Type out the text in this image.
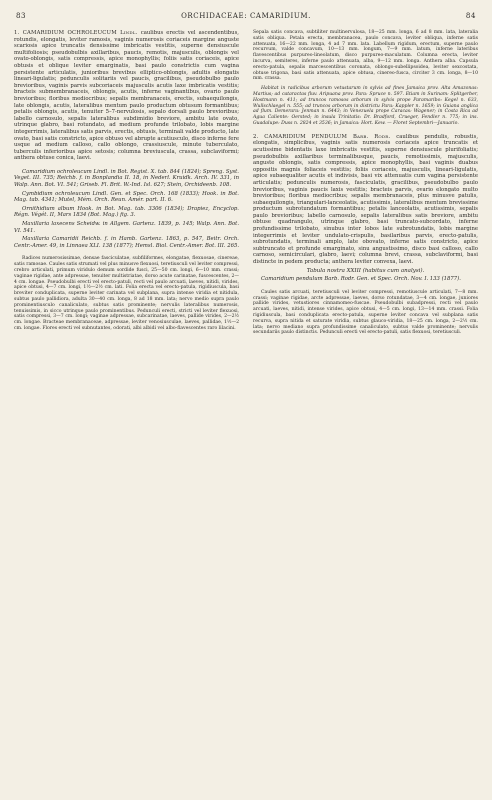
83	ORCHIDACEAE: CAMARIDIUM.	84

1. CAMARIDIUM OCHROLEUCUM Lindl. caulibus erectis vel ascendentibus, rotundis, elongatis, leviter ramosis, vaginis numerosis coriaceis margine anguste scariosis apice truncatis densissime imbricatis vestitis, superne densiuscule multifoliosis; pseudobulbis axillaribus, paucis, remotis, majusculis, oblongis vel ovato-oblongis, satis compressis, apice monophyllis; foliis satis coriaceis, apice obtusis et oblique leviter emarginatis, basi paulo constrictis cum vagina persistente articulatis, junioribus brevibus elliptico-oblongis, adultis elongatis lineari-ligulatis; pedunculis solitariis vel paucis, gracilibus, pseudobulbo paulo brevioribus, vaginis parvis subcoriaceis majusculis acutis laxe imbricatis vestitis; bracteis submembranaceis, oblongis, acutis, inferne vaginantibus, ovario paulo brevioribus; floribus mediocribus; sepalis membranaceis, erectis, subaequilongis, late oblongis, acutis, lateralibus mentum paulo productum obtusum formantibus; petalis oblongis, acutis, tenuiter 5–7-nervulosis, sepalo dorsali paulo brevioribus; labello carnosulo, sepalis lateralibus subdimidio breviore, ambitu late ovato, utrinque glabro, basi rotundato, ad medium profunde trilobato, lobis margine integerrimis, lateralibus satis parvis, erectis, obtusis, terminali valde producto, late ovato, basi satis constricto, apice obtuso vel abrupte acutiusculo, disco inferne fere usque ad medium calloso, callo oblongo, crassiuscule, minute tuberculato, tuberculis inferioribus apice setosis; columna breviuscula, crassa, subclaviformi; anthera obtuse conica, laevi.

Camaridium ochroleucum Lindl. in Bot. Regist. X. tab. 844 (1824); Spreng. Syst. Veget. III. 735; Reichb. f. in Bonplandia II. 18, in Nederl. Kruidk. Arch. IV. 331, in Walp. Ann. Bot. VI. 541; Griseb. Fl. Brit. W.-Ind. Isl. 627; Stein, Orchideenb. 108.

Cymbidium ochroleucum Lindl. Gen. et Spec. Orch. 168 (1833); Hook. in Bot. Mag. tab. 4341; Mutel, Mém. Orch. Reun. Amér. part. II. 6.

Ornithidium album Hook. in Bot. Mag. tab. 3306 (1834); Drapiez, Encyclop. Régn. Végét. II, Mars 1834 (Bot. Mag.) fig. 3.

Maxillaria laxecens Scheidw. in Allgem. Gartenz. 1839, p. 145; Walp. Ann. Bot. VI. 541.

Maxillaria Camaridii Reichb. f. in Hamb. Gartenz. 1863, p. 547, Beitr. Orch. Centr.-Amer. 49, in Linnaea XLI. 138 (1877); Hemsl. Biol. Centr.-Amer. Bot. III. 265.

Radices numerosissimae, densae fasciculatae, subfiliformes, elongatae, flexuosae, cinereae, satis ramosae. Caules satis strumati vel plus minusve flexuosi, teretiusculi vel leviter compressi, crebro articulati, primum viridulo demum sordide fusci, 25—50 cm. longi, 6—10 mm. crassi; vaginae rigidae, ante adpressae, tenuiter multistriatae, dorso acute carinatae, fuscescentes, 2—4 cm. longae. Pseudobulbi erecti vel erecto-patuli, recti vel paulo arcuati, laeves, nitidi, virides, apice obtusi, 4—7 cm. longi, 1½—2½ cm. lati. Folia erecta vel erecto-patula, rigidiuscula, basi breviter conduplicata, superne leviter carinata vel subplana, supra intense viridia et nitidula, subtus paulo pallidiora, adulta 30—40 cm. longa, 8 ad 18 mm. lata; nervo medio supra paulo prominentiusculo canaliculato, subtus satis prominente; nervulis lateralibus numerosis, tenuissimis, in sicco utrinque paulo prominentibus. Pedunculi erecti, stricti vel leviter flexuosi, satis compressi, 3—7 cm. longi; vaginae adpressae, subcarinatae, laeves, pallide virides, 2—2½ cm. longae. Bracteae membranaceae, adpressae, leviter venosiusculae, laeves, pallidae, 1½—2 cm. longae. Flores erecti vel subnutantes, odorati, albi albidi vel albo-flavescentes raro lilacini.

Sepala satis concava, subtiliter multinervulosa, 18—25 mm. longa, 6 ad 8 mm. lata, lateralia satis obliqua. Petala erecta, membranacea, paulo concava, leviter obliqua, inferne satis attenuata, 16—22 mm. longa, 4 ad 7 mm. lata. Labellum rigidum, erectum, superne paulo recurvum, valde concavum, 10—13 mm. longum, 7—9 mm. latum, inferne lateribus flavescentibus purpureo-lineolatum, disco purpureo-maculatum. Columna erecta, leviter incurva, semiteres, inferne paulo attenuata, alba, 9—12 mm. longa. Anthera alba. Capsula erecto-patula, sepalis marcescentibus coronata, oblongo-subellipsoidea, leviter sexcostata, obtuse trigona, basi satis attenuata, apice obtusa, cinereo-fusca, circiter 3 cm. longa, 8—10 mm. crassa.

Habitat in radicibus arborum vetustarum in sylvis ad fines Jamaica prov. Alta Amazonas: Martius; ad cataractas fluv. Aripuana prov. Para: Spruce n. 597. Etiam in Surinam: Splitgerber, Hostmann n. 411; ad truncos ramosos arborum in sylvis prope Paramaribo: Kegel n. 633, Wullschlaegel n. 555; ad truncos arborum in districtu Para: Kappler n. 1659; in Guiana anglica ad flum. Demerara: Jenman n. 6443; in Venezuela prope Caracas: Wagener; in Costa Rica ad Agua Caliente: Oersted; in insula Trinitatis: Dr. Bradford, Crueger, Fendler n. 775; in ins. Guadalupe: Duss n. 2824 et 3536; in Jamaica: Hort. Kew. — Floret Septembri—Januario.

2. CAMARIDIUM PENDULUM Barb. Rodr. caulibus pendulis, robustis, elongatis, simplicibus, vaginis satis numerosis coriaceis apice truncatis et acutissime bidentatis laxe imbricatis vestitis, superne densiuscule plurifoliatis; pseudobulbis axillaribus terminalibusque, paucis, remotissimis, majusculis, anguste oblongis, satis compressis, apice monophyllis, basi vaginis duabus oppositis magnis foliaceis vestitis; foliis coriaceis, majusculis, lineari-ligulatis, apice subaequaliter acutis et indivisis, basi vix attenuatis cum vagina persistente articulatis; pedunculis numerosis, fasciculatis, gracilibus, pseudobulbo paulo brevioribus, vaginis paucis laxis vestitis; bracteis parvis, ovario elongato multo brevioribus; floribus mediocribus; sepalis membranaceis, plus minusve patulis, subaequilongis, triangulari-lanceolatis, acutissimis, lateralibus mentum brevissime productum subrotundatum formantibus; petalis lanceolatis, acutissimis, sepalis paulo brevioribus; labello carnosulo, sepalis lateralibus satis breviore, ambitu obtuse quadrangulo, utrinque glabro, basi truncato-subcordato, inferne profundissime trilobato, sinubus inter lobos late subrotundatis, lobis margine integerrimis et leviter undulato-crispulis, basilaribus parvis, erecto-patulis, subrotundatis, terminali amplo, late obovato, inferne satis constricto, apice subtruncato et profunde emarginato, sinu angustissimo, disco basi calloso, callo carnoso, semicirculari, glabro, laevi; columna brevi, crassa, subclaviformi, basi distincte in pedem producta; anthera leviter convexa, laevi.

Tabula nostra XXIII (habitus cum analysi).

Camaridium pendulum Barb. Rodr. Gen. et Spec. Orch. Nov. I. 133 (1877).

Caules satis arcuati, teretiusculi vel leviter compressi, remotiuscule articulati, 7—8 mm. crassi; vaginae rigidae, arcte adpressae, laeves, dorso rotundatae, 3—4 cm. longae, juniores pallide virides, vetustiores cinnamomeo-fuscae. Pseudobulbi subadpressi, recti vel paulo arcuati, laeves, nitidi, intense virides, apice obtusi, 4—5 cm. longi, 13—14 mm. crassi. Folia rigidiuscula, basi conduplicata erecto-patula, superne leviter concava vel subplana satis recurva, supra nitida et saturate viridia, subtus glauco-viridia, 18—25 cm. longa, 2—2½ cm. lata; nervo mediano supra profundissime canaliculato, subtus valde prominente; nervulis secundariis paulo distinctis. Pedunculi erecti vel erecto-patuli, satis flexuosi, teretiusculi.
